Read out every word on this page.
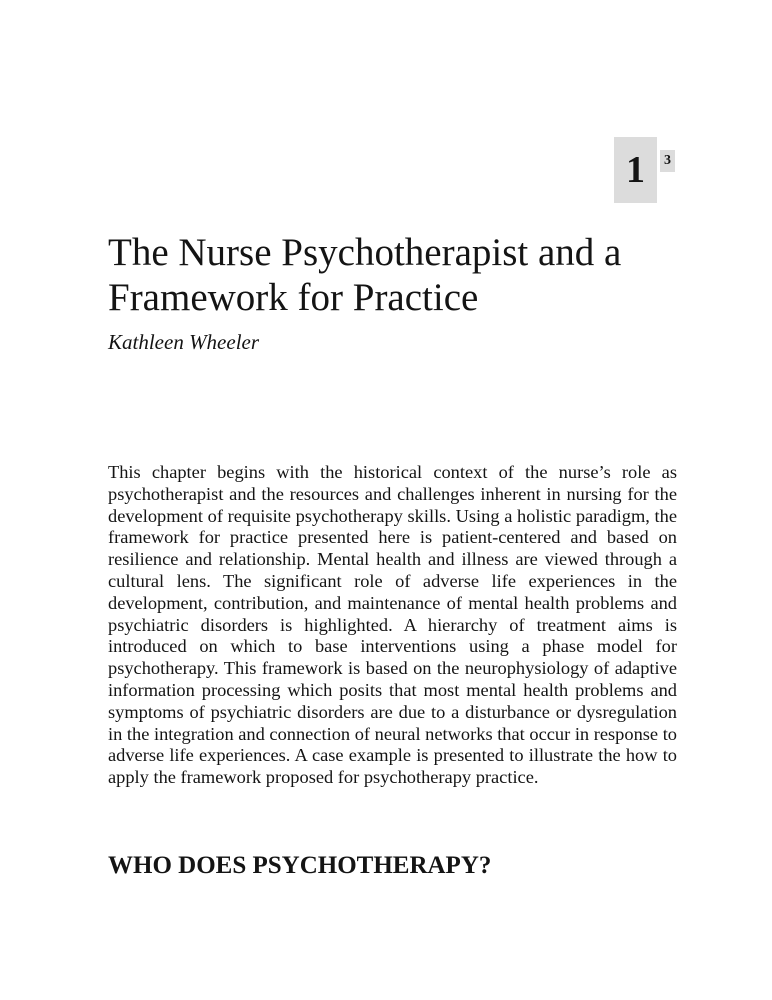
1 3
The Nurse Psychotherapist and a
Framework for Practice

Kathleen Wheeler

This chapter begins with the historical context of the nurse’s role as psychotherapist and the resources and challenges inherent in nursing for the development of requisite psychotherapy skills. Using a holistic paradigm, the framework for practice presented here is patient-centered and based on resilience and relationship. Mental health and illness are viewed through a cultural lens. The significant role of adverse life experiences in the development, contribution, and maintenance of mental health problems and psychiatric disorders is highlighted. A hierarchy of treatment aims is introduced on which to base interventions using a phase model for psychotherapy. This framework is based on the neurophysiology of adaptive information processing which posits that most mental health problems and symptoms of psychiatric disorders are due to a disturbance or dysregulation in the integration and connection of neural networks that occur in response to adverse life experiences. A case example is presented to illustrate the how to apply the framework proposed for psychotherapy practice.

WHO DOES PSYCHOTHERAPY?
